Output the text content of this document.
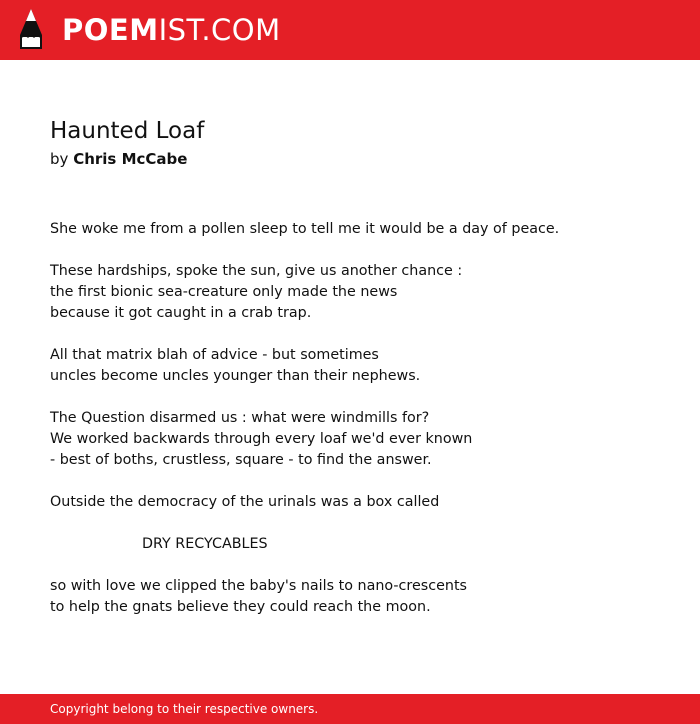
POEMIST.COM
Haunted Loaf
by Chris McCabe
She woke me from a pollen sleep to tell me it would be a day of peace.
These hardships, spoke the sun, give us another chance :
the first bionic sea-creature only made the news
because it got caught in a crab trap.
All that matrix blah of advice - but sometimes
uncles become uncles younger than their nephews.
The Question disarmed us : what were windmills for?
We worked backwards through every loaf we'd ever known
- best of boths, crustless, square - to find the answer.
Outside the democracy of the urinals was a box called
DRY RECYCABLES
so with love we clipped the baby's nails to nano-crescents
to help the gnats believe they could reach the moon.
Copyright belong to their respective owners.
